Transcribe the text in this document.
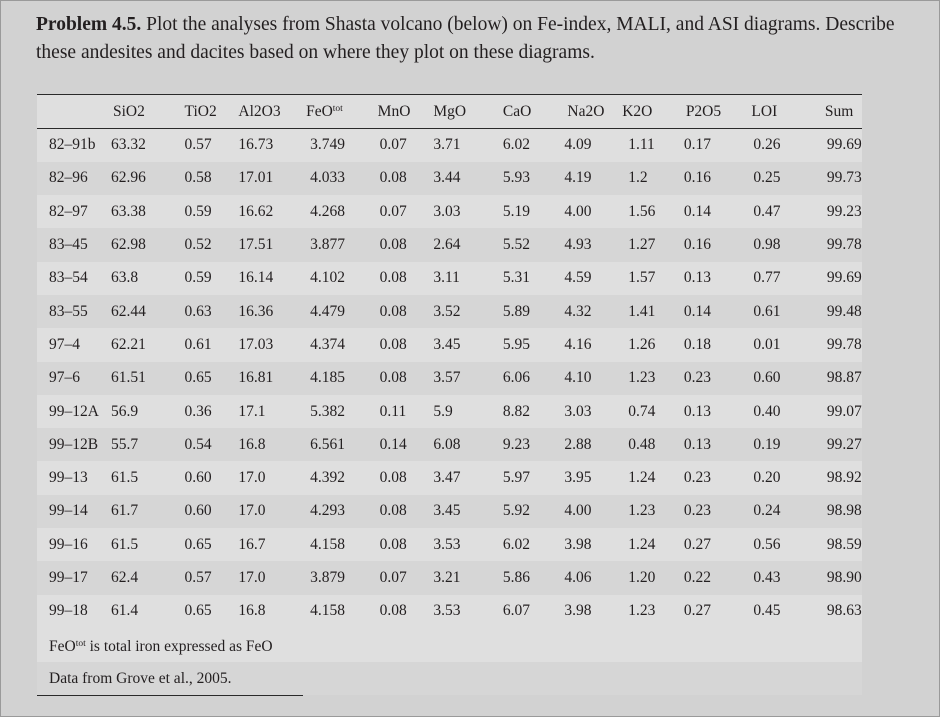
Problem 4.5. Plot the analyses from Shasta volcano (below) on Fe-index, MALI, and ASI diagrams. Describe these andesites and dacites based on where they plot on these diagrams.
	SiO2	TiO2	Al2O3	FeO$^{tot}$	MnO	MgO	CaO	Na2O	K2O	P2O5	LOI	Sum
82–91b	63.32	0.57	16.73	3.749	0.07	3.71	6.02	4.09	1.11	0.17	0.26	99.69
82–96	62.96	0.58	17.01	4.033	0.08	3.44	5.93	4.19	1.2	0.16	0.25	99.73
82–97	63.38	0.59	16.62	4.268	0.07	3.03	5.19	4.00	1.56	0.14	0.47	99.23
83–45	62.98	0.52	17.51	3.877	0.08	2.64	5.52	4.93	1.27	0.16	0.98	99.78
83–54	63.8	0.59	16.14	4.102	0.08	3.11	5.31	4.59	1.57	0.13	0.77	99.69
83–55	62.44	0.63	16.36	4.479	0.08	3.52	5.89	4.32	1.41	0.14	0.61	99.48
97–4	62.21	0.61	17.03	4.374	0.08	3.45	5.95	4.16	1.26	0.18	0.01	99.78
97–6	61.51	0.65	16.81	4.185	0.08	3.57	6.06	4.10	1.23	0.23	0.60	98.87
99–12A	56.9	0.36	17.1	5.382	0.11	5.9	8.82	3.03	0.74	0.13	0.40	99.07
99–12B	55.7	0.54	16.8	6.561	0.14	6.08	9.23	2.88	0.48	0.13	0.19	99.27
99–13	61.5	0.60	17.0	4.392	0.08	3.47	5.97	3.95	1.24	0.23	0.20	98.92
99–14	61.7	0.60	17.0	4.293	0.08	3.45	5.92	4.00	1.23	0.23	0.24	98.98
99–16	61.5	0.65	16.7	4.158	0.08	3.53	6.02	3.98	1.24	0.27	0.56	98.59
99–17	62.4	0.57	17.0	3.879	0.07	3.21	5.86	4.06	1.20	0.22	0.43	98.90
99–18	61.4	0.65	16.8	4.158	0.08	3.53	6.07	3.98	1.23	0.27	0.45	98.63
FeO$^{tot}$ is total iron expressed as FeO
Data from Grove et al., 2005.
